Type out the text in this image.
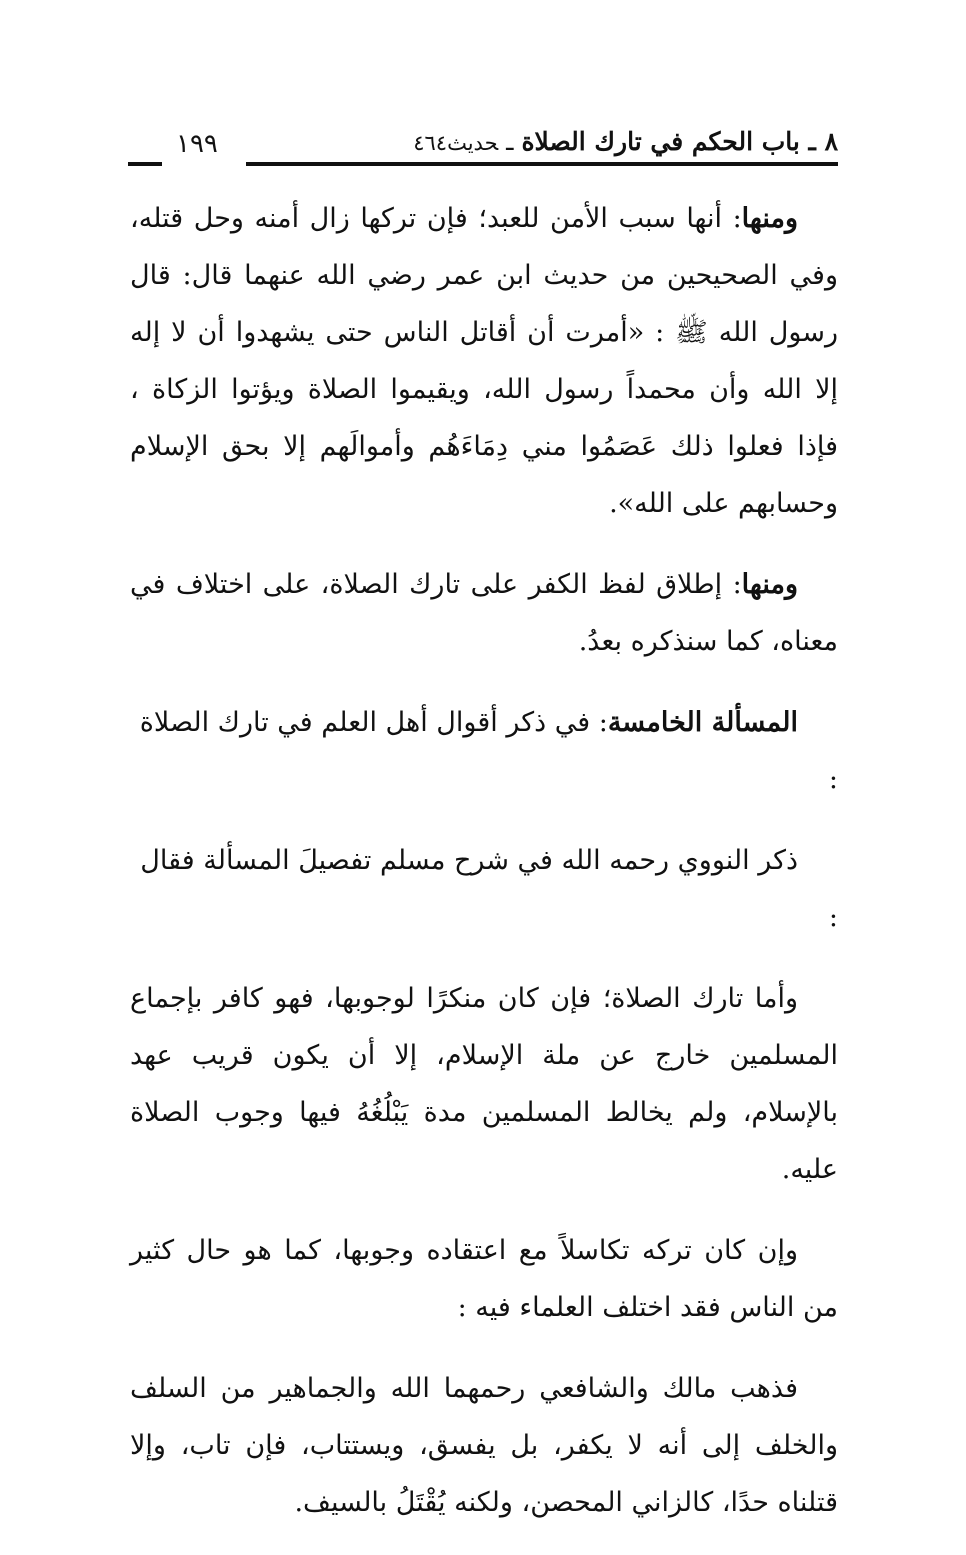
٨ ـ باب الحكم في تارك الصلاةـحديث٤٦٤
١٩٩

ومنها: أنها سبب الأمن للعبد؛ فإن تركها زال أمنه وحل قتله، وفي الصحيحين من حديث ابن عمر رضي الله عنهما قال: قال رسول الله ﷺ : «أمرت أن أقاتل الناس حتى يشهدوا أن لا إله إلا الله وأن محمداً رسول الله، ويقيموا الصلاة ويؤتوا الزكاة ، فإذا فعلوا ذلك عَصَمُوا مني دِمَاءَهُم وأموالَهم إلا بحق الإسلام وحسابهم على الله».

ومنها: إطلاق لفظ الكفر على تارك الصلاة، على اختلاف في معناه، كما سنذكره بعدُ.

المسألة الخامسة: في ذكر أقوال أهل العلم في تارك الصلاة :

ذكر النووي رحمه الله في شرح مسلم تفصيلَ المسألة فقال :

وأما تارك الصلاة؛ فإن كان منكرًا لوجوبها، فهو كافر بإجماع المسلمين خارج عن ملة الإسلام، إلا أن يكون قريب عهد بالإسلام، ولم يخالط المسلمين مدة يَبْلُغُهُ فيها وجوب الصلاة عليه.

وإن كان تركه تكاسلاً مع اعتقاده وجوبها، كما هو حال كثير من الناس فقد اختلف العلماء فيه :

فذهب مالك والشافعي رحمهما الله والجماهير من السلف والخلف إلى أنه لا يكفر، بل يفسق، ويستتاب، فإن تاب، وإلا قتلناه حدًا، كالزاني المحصن، ولكنه يُقْتَلُ بالسيف.
